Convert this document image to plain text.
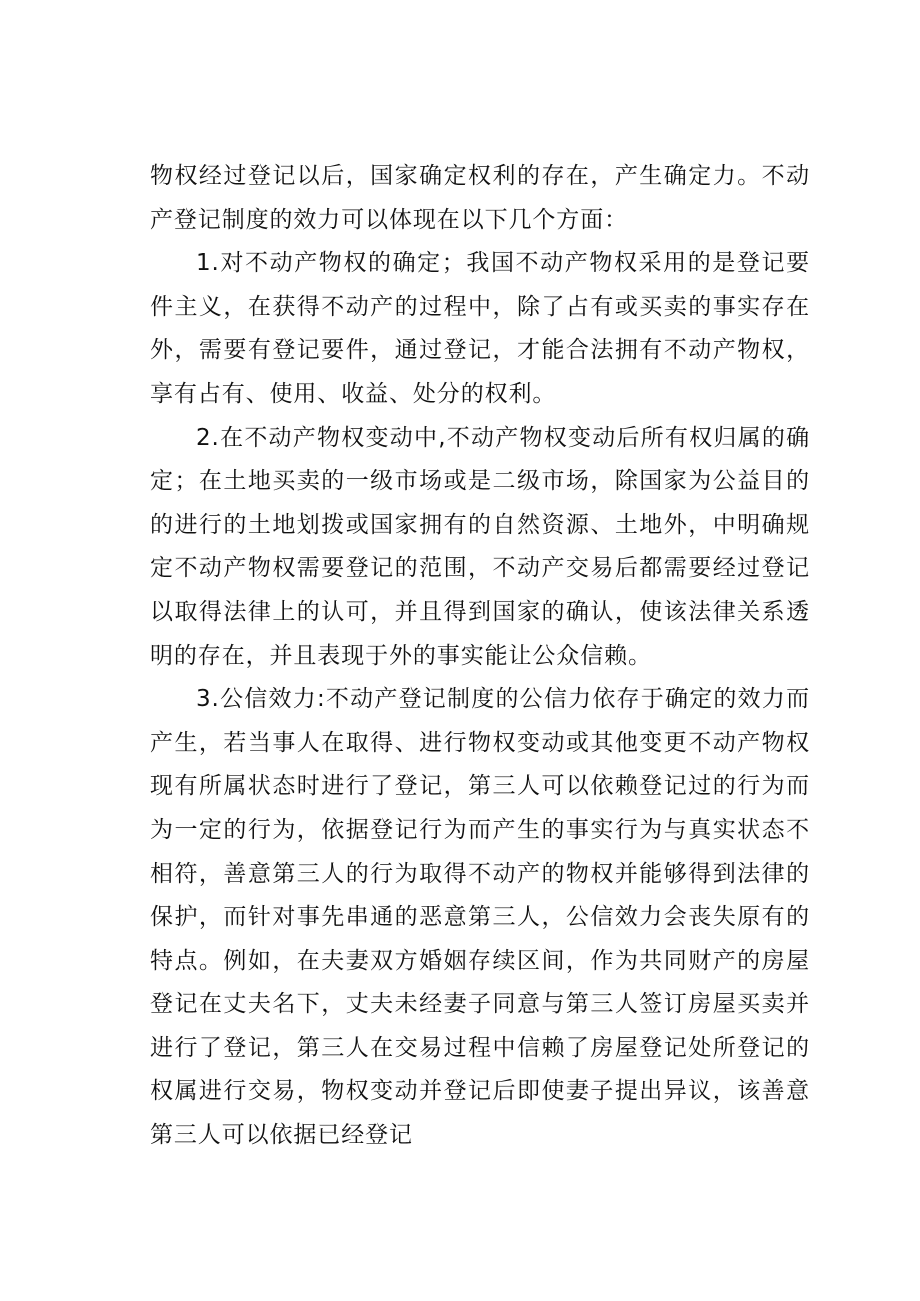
物权经过登记以后，国家确定权利的存在，产生确定力。不动产登记制度的效力可以体现在以下几个方面：

1.对不动产物权的确定；我国不动产物权采用的是登记要件主义，在获得不动产的过程中，除了占有或买卖的事实存在外，需要有登记要件，通过登记，才能合法拥有不动产物权，享有占有、使用、收益、处分的权利。

2.在不动产物权变动中,不动产物权变动后所有权归属的确定；在土地买卖的一级市场或是二级市场，除国家为公益目的的进行的土地划拨或国家拥有的自然资源、土地外，中明确规定不动产物权需要登记的范围，不动产交易后都需要经过登记以取得法律上的认可，并且得到国家的确认，使该法律关系透明的存在，并且表现于外的事实能让公众信赖。

3.公信效力:不动产登记制度的公信力依存于确定的效力而产生，若当事人在取得、进行物权变动或其他变更不动产物权现有所属状态时进行了登记，第三人可以依赖登记过的行为而为一定的行为，依据登记行为而产生的事实行为与真实状态不相符，善意第三人的行为取得不动产的物权并能够得到法律的保护，而针对事先串通的恶意第三人，公信效力会丧失原有的特点。例如，在夫妻双方婚姻存续区间，作为共同财产的房屋登记在丈夫名下，丈夫未经妻子同意与第三人签订房屋买卖并进行了登记，第三人在交易过程中信赖了房屋登记处所登记的权属进行交易，物权变动并登记后即使妻子提出异议，该善意第三人可以依据已经登记
